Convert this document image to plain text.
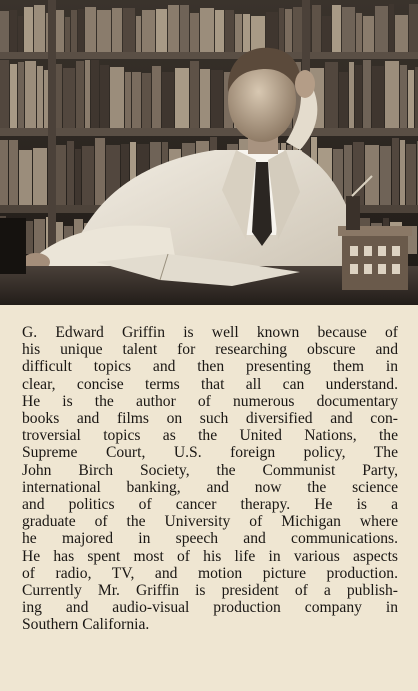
G. Edward Griffin is well known because of
his unique talent for researching obscure and
difficult topics and then presenting them in
clear, concise terms that all can understand.
He is the author of numerous documentary
books and films on such diversified and con-
troversial topics as the United Nations, the
Supreme Court, U.S. foreign policy, The
John Birch Society, the Communist Party,
international banking, and now the science
and politics of cancer therapy. He is a
graduate of the University of Michigan where
he majored in speech and communications.
He has spent most of his life in various aspects
of radio, TV, and motion picture production.
Currently Mr. Griffin is president of a publish-
ing and audio-visual production company in
Southern California.
